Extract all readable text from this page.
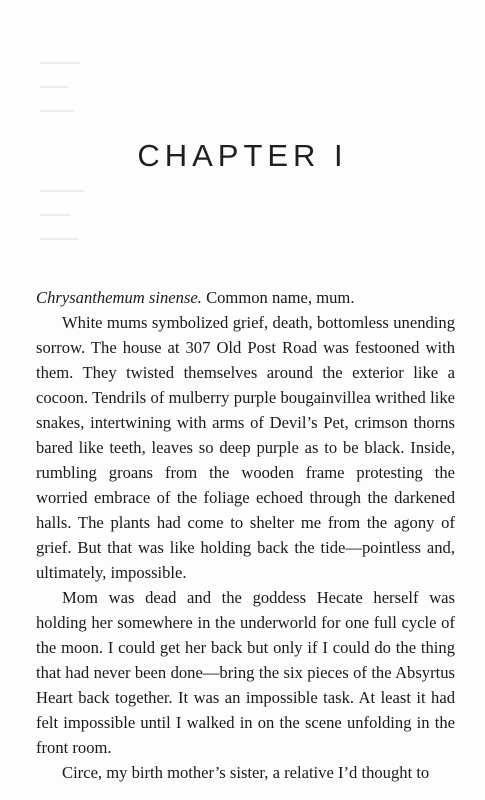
CHAPTER I

Chrysanthemum sinense. Common name, mum.

White mums symbolized grief, death, bottomless unending sorrow. The house at 307 Old Post Road was festooned with them. They twisted themselves around the exterior like a cocoon. Tendrils of mulberry purple bougainvillea writhed like snakes, intertwining with arms of Devil’s Pet, crimson thorns bared like teeth, leaves so deep purple as to be black. Inside, rumbling groans from the wooden frame protesting the worried embrace of the foliage echoed through the darkened halls. The plants had come to shelter me from the agony of grief. But that was like holding back the tide—pointless and, ultimately, impossible.

Mom was dead and the goddess Hecate herself was holding her somewhere in the underworld for one full cycle of the moon. I could get her back but only if I could do the thing that had never been done—bring the six pieces of the Absyrtus Heart back together. It was an impossible task. At least it had felt impossible until I walked in on the scene unfolding in the front room.

Circe, my birth mother’s sister, a relative I’d thought to
